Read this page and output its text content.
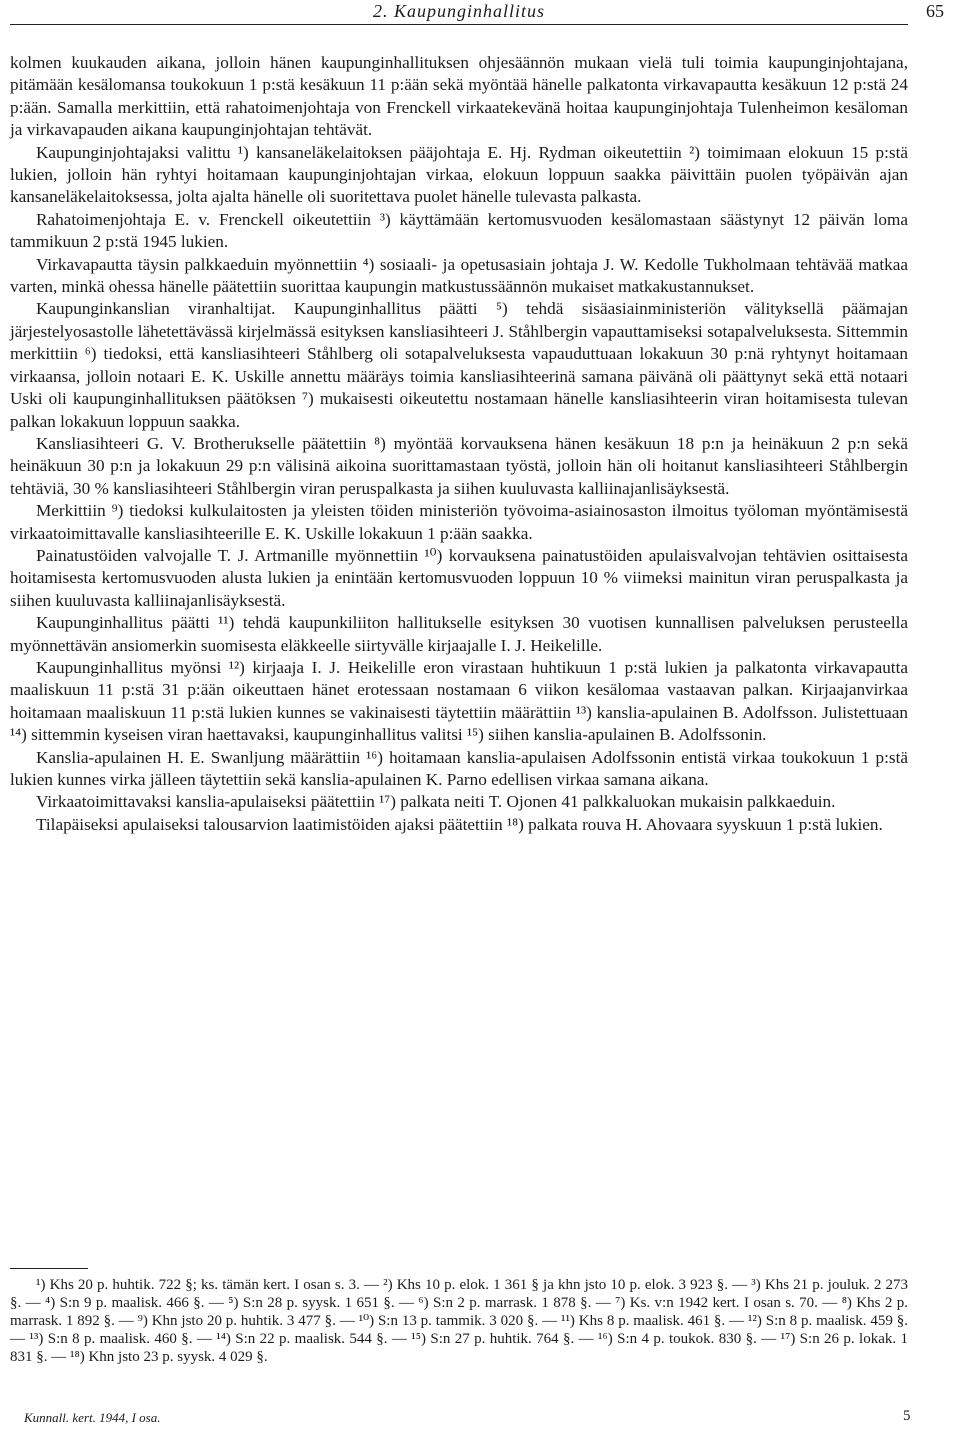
2. Kaupunginhallitus	65

kolmen kuukauden aikana, jolloin hänen kaupunginhallituksen ohjesäännön mukaan vielä tuli toimia kaupunginjohtajana, pitämään kesälomansa toukokuun 1 p:stä kesäkuun 11 p:ään sekä myöntää hänelle palkatonta virkavapautta kesäkuun 12 p:stä 24 p:ään. Samalla merkittiin, että rahatoimenjohtaja von Frenckell virkaatekevänä hoitaa kaupunginjohtaja Tulenheimon kesäloman ja virkavapauden aikana kaupunginjohtajan tehtävät.

Kaupunginjohtajaksi valittu ¹) kansaneläkelaitoksen pääjohtaja E. Hj. Rydman oikeutettiin ²) toimimaan elokuun 15 p:stä lukien, jolloin hän ryhtyi hoitamaan kaupunginjohtajan virkaa, elokuun loppuun saakka päivittäin puolen työpäivän ajan kansaneläkelaitoksessa, jolta ajalta hänelle oli suoritettava puolet hänelle tulevasta palkasta.

Rahatoimenjohtaja E. v. Frenckell oikeutettiin ³) käyttämään kertomusvuoden kesälomastaan säästynyt 12 päivän loma tammikuun 2 p:stä 1945 lukien.

Virkavapautta täysin palkkaeduin myönnettiin ⁴) sosiaali- ja opetusasiain johtaja J. W. Kedolle Tukholmaan tehtävää matkaa varten, minkä ohessa hänelle päätettiin suorittaa kaupungin matkustussäännön mukaiset matkakustannukset.

Kaupunginkanslian viranhaltijat. Kaupunginhallitus päätti ⁵) tehdä sisäasiainministeriön välityksellä päämajan järjestelyosastolle lähetettävässä kirjelmässä esityksen kansliasihteeri J. Ståhlbergin vapauttamiseksi sotapalveluksesta. Sittemmin merkittiin ⁶) tiedoksi, että kansliasihteeri Ståhlberg oli sotapalveluksesta vapauduttuaan lokakuun 30 p:nä ryhtynyt hoitamaan virkaansa, jolloin notaari E. K. Uskille annettu määräys toimia kansliasihteerinä samana päivänä oli päättynyt sekä että notaari Uski oli kaupunginhallituksen päätöksen ⁷) mukaisesti oikeutettu nostamaan hänelle kansliasihteerin viran hoitamisesta tulevan palkan lokakuun loppuun saakka.

Kansliasihteeri G. V. Brotherukselle päätettiin ⁸) myöntää korvauksena hänen kesäkuun 18 p:n ja heinäkuun 2 p:n sekä heinäkuun 30 p:n ja lokakuun 29 p:n välisinä aikoina suorittamastaan työstä, jolloin hän oli hoitanut kansliasihteeri Ståhlbergin tehtäviä, 30 % kansliasihteeri Ståhlbergin viran peruspalkasta ja siihen kuuluvasta kalliinajanlisäyksestä.

Merkittiin ⁹) tiedoksi kulkulaitosten ja yleisten töiden ministeriön työvoima-asiainosaston ilmoitus työloman myöntämisestä virkaatoimittavalle kansliasihteerille E. K. Uskille lokakuun 1 p:ään saakka.

Painatustöiden valvojalle T. J. Artmanille myönnettiin ¹⁰) korvauksena painatustöiden apulaisvalvojan tehtävien osittaisesta hoitamisesta kertomusvuoden alusta lukien ja enintään kertomusvuoden loppuun 10 % viimeksi mainitun viran peruspalkasta ja siihen kuuluvasta kalliinajanlisäyksestä.

Kaupunginhallitus päätti ¹¹) tehdä kaupunkiliiton hallitukselle esityksen 30 vuotisen kunnallisen palveluksen perusteella myönnettävän ansiomerkin suomisesta eläkkeelle siirtyvälle kirjaajalle I. J. Heikelille.

Kaupunginhallitus myönsi ¹²) kirjaaja I. J. Heikelille eron virastaan huhtikuun 1 p:stä lukien ja palkatonta virkavapautta maaliskuun 11 p:stä 31 p:ään oikeuttaen hänet erotessaan nostamaan 6 viikon kesälomaa vastaavan palkan. Kirjaajanvirkaa hoitamaan maaliskuun 11 p:stä lukien kunnes se vakinaisesti täytettiin määrättiin ¹³) kanslia-apulainen B. Adolfsson. Julistettuaan ¹⁴) sittemmin kyseisen viran haettavaksi, kaupunginhallitus valitsi ¹⁵) siihen kanslia-apulainen B. Adolfssonin.

Kanslia-apulainen H. E. Swanljung määrättiin ¹⁶) hoitamaan kanslia-apulaisen Adolfssonin entistä virkaa toukokuun 1 p:stä lukien kunnes virka jälleen täytettiin sekä kanslia-apulainen K. Parno edellisen virkaa samana aikana.

Virkaatoimittavaksi kanslia-apulaiseksi päätettiin ¹⁷) palkata neiti T. Ojonen 41 palkkaluokan mukaisin palkkaeduin.

Tilapäiseksi apulaiseksi talousarvion laatimistöiden ajaksi päätettiin ¹⁸) palkata rouva H. Ahovaara syyskuun 1 p:stä lukien.

¹) Khs 20 p. huhtik. 722 §; ks. tämän kert. I osan s. 3. — ²) Khs 10 p. elok. 1 361 § ja khn jsto 10 p. elok. 3 923 §. — ³) Khs 21 p. jouluk. 2 273 §. — ⁴) S:n 9 p. maalisk. 466 §. — ⁵) S:n 28 p. syysk. 1 651 §. — ⁶) S:n 2 p. marrask. 1 878 §. — ⁷) Ks. v:n 1942 kert. I osan s. 70. — ⁸) Khs 2 p. marrask. 1 892 §. — ⁹) Khn jsto 20 p. huhtik. 3 477 §. — ¹⁰) S:n 13 p. tammik. 3 020 §. — ¹¹) Khs 8 p. maalisk. 461 §. — ¹²) S:n 8 p. maalisk. 459 §. — ¹³) S:n 8 p. maalisk. 460 §. — ¹⁴) S:n 22 p. maalisk. 544 §. — ¹⁵) S:n 27 p. huhtik. 764 §. — ¹⁶) S:n 4 p. toukok. 830 §. — ¹⁷) S:n 26 p. lokak. 1 831 §. — ¹⁸) Khn jsto 23 p. syysk. 4 029 §.

Kunnall. kert. 1944, I osa.	5
